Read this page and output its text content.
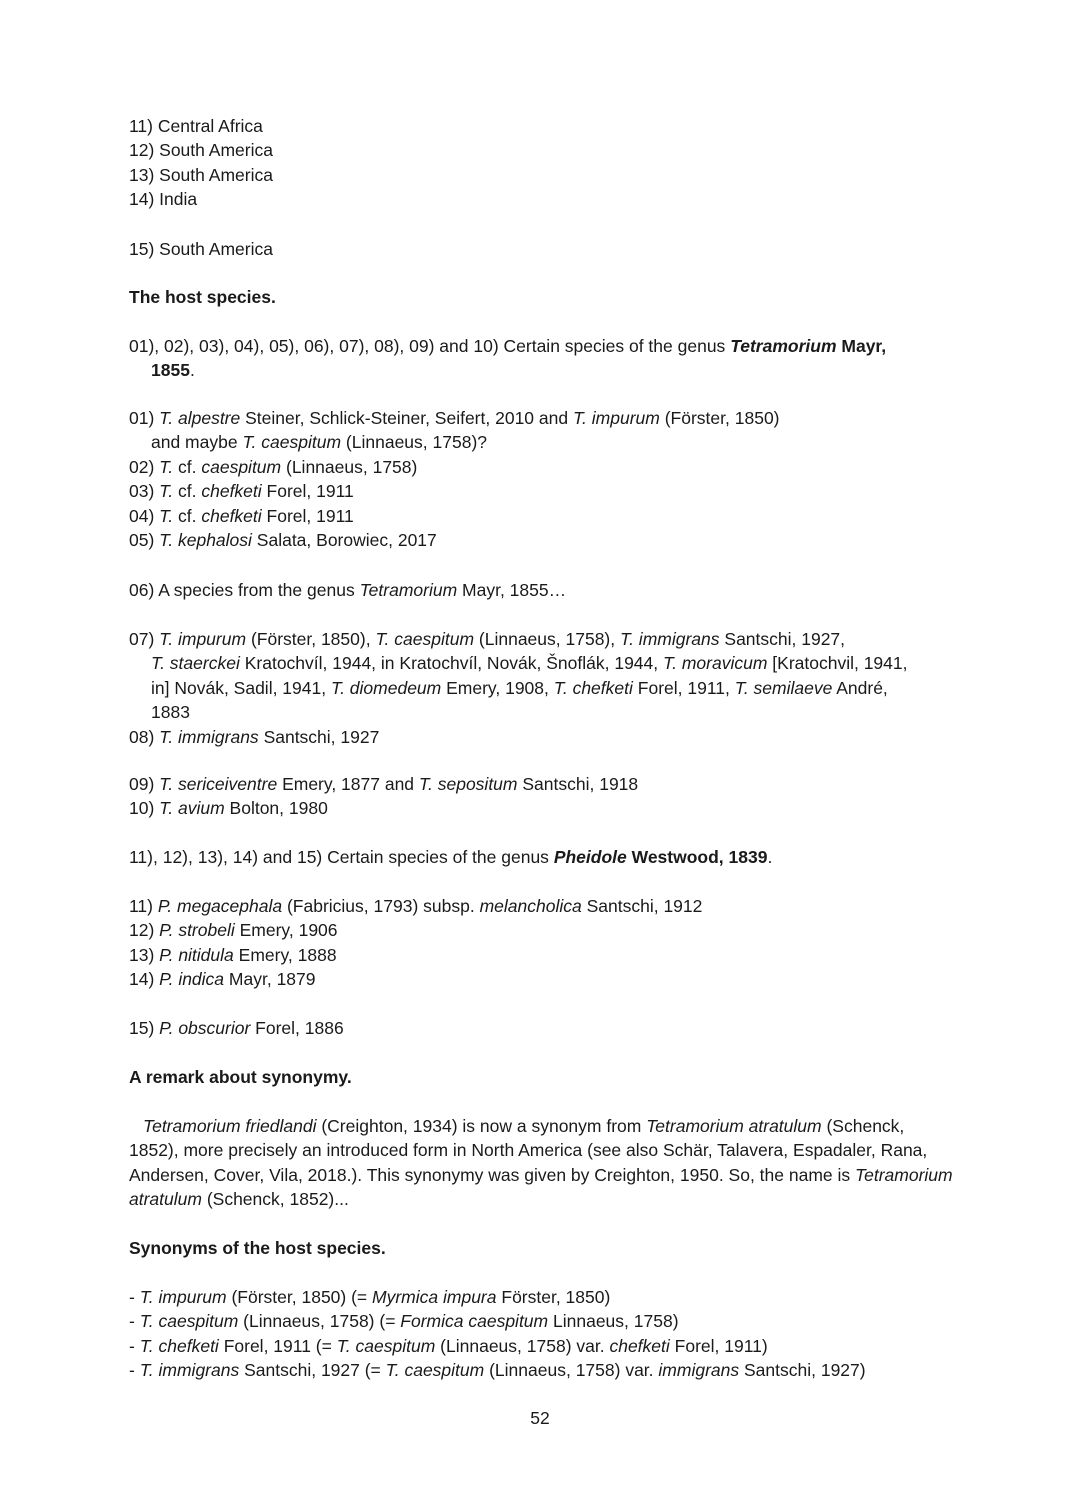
11) Central Africa
12) South America
13) South America
14) India
15) South America
The host species.
01), 02), 03), 04), 05), 06), 07), 08), 09) and 10) Certain species of the genus Tetramorium Mayr,
1855.
01) T. alpestre Steiner, Schlick-Steiner, Seifert, 2010 and T. impurum (Förster, 1850)
and maybe T. caespitum (Linnaeus, 1758)?
02) T. cf. caespitum (Linnaeus, 1758)
03) T. cf. chefketi Forel, 1911
04) T. cf. chefketi Forel, 1911
05) T. kephalosi Salata, Borowiec, 2017
06) A species from the genus Tetramorium Mayr, 1855…
07) T. impurum (Förster, 1850), T. caespitum (Linnaeus, 1758), T. immigrans Santschi, 1927,
T. staerckei Kratochvíl, 1944, in Kratochvíl, Novák, Šnoflák, 1944, T. moravicum [Kratochvil, 1941,
in] Novák, Sadil, 1941, T. diomedeum Emery, 1908, T. chefketi Forel, 1911, T. semilaeve André,
1883
08) T. immigrans Santschi, 1927
09) T. sericeiventre Emery, 1877 and T. sepositum Santschi, 1918
10) T. avium Bolton, 1980
11), 12), 13), 14) and 15) Certain species of the genus Pheidole Westwood, 1839.
11) P. megacephala (Fabricius, 1793) subsp. melancholica Santschi, 1912
12) P. strobeli Emery, 1906
13) P. nitidula Emery, 1888
14) P. indica Mayr, 1879
15) P. obscurior Forel, 1886
A remark about synonymy.
Tetramorium friedlandi (Creighton, 1934) is now a synonym from Tetramorium atratulum (Schenck, 1852), more precisely an introduced form in North America (see also Schär, Talavera, Espadaler, Rana, Andersen, Cover, Vila, 2018.). This synonymy was given by Creighton, 1950. So, the name is Tetramorium atratulum (Schenck, 1852)...
Synonyms of the host species.
- T. impurum (Förster, 1850) (= Myrmica impura Förster, 1850)
- T. caespitum (Linnaeus, 1758) (= Formica caespitum Linnaeus, 1758)
- T. chefketi Forel, 1911 (= T. caespitum (Linnaeus, 1758) var. chefketi Forel, 1911)
- T. immigrans Santschi, 1927 (= T. caespitum (Linnaeus, 1758) var. immigrans Santschi, 1927)
52
